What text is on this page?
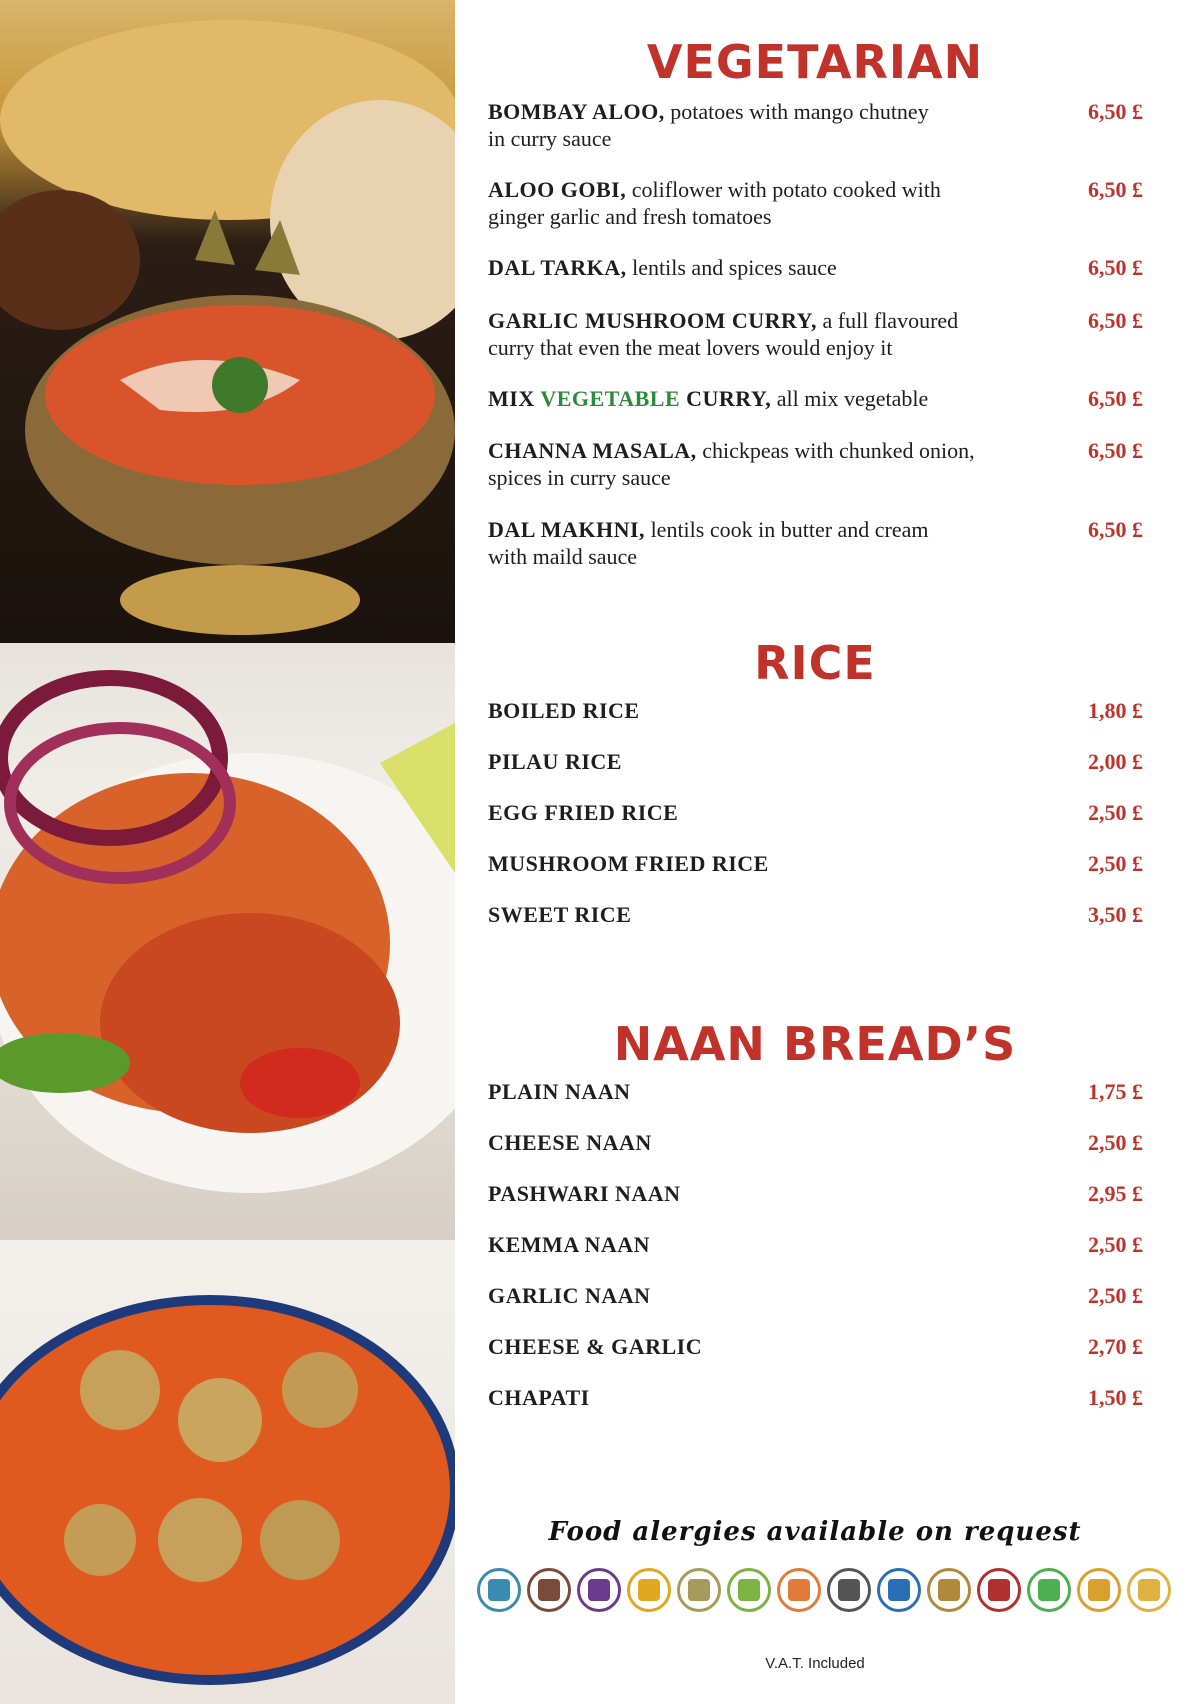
VEGETARIAN
BOMBAY ALOO, potatoes with mango chutney
in curry sauce
6,50 £
ALOO GOBI, coliflower with potato cooked with
ginger garlic and fresh tomatoes
6,50 £
DAL TARKA, lentils and spices sauce	6,50 £
GARLIC MUSHROOM CURRY, a full flavoured
curry that even the meat lovers would enjoy it
6,50 £
MIX VEGETABLE CURRY, all mix vegetable	6,50 £
CHANNA MASALA, chickpeas with chunked onion,
spices in curry sauce
6,50 £
DAL MAKHNI, lentils cook in butter and cream
with maild sauce
6,50 £
RICE
BOILED RICE	1,80 £
PILAU RICE	2,00 £
EGG FRIED RICE	2,50 £
MUSHROOM FRIED RICE	2,50 £
SWEET RICE	3,50 £
NAAN BREAD’S
PLAIN NAAN	1,75 £
CHEESE NAAN	2,50 £
PASHWARI NAAN	2,95 £
KEMMA NAAN	2,50 £
GARLIC NAAN	2,50 £
CHEESE & GARLIC	2,70 £
CHAPATI	1,50 £
Food alergies available on request
V.A.T. Included
